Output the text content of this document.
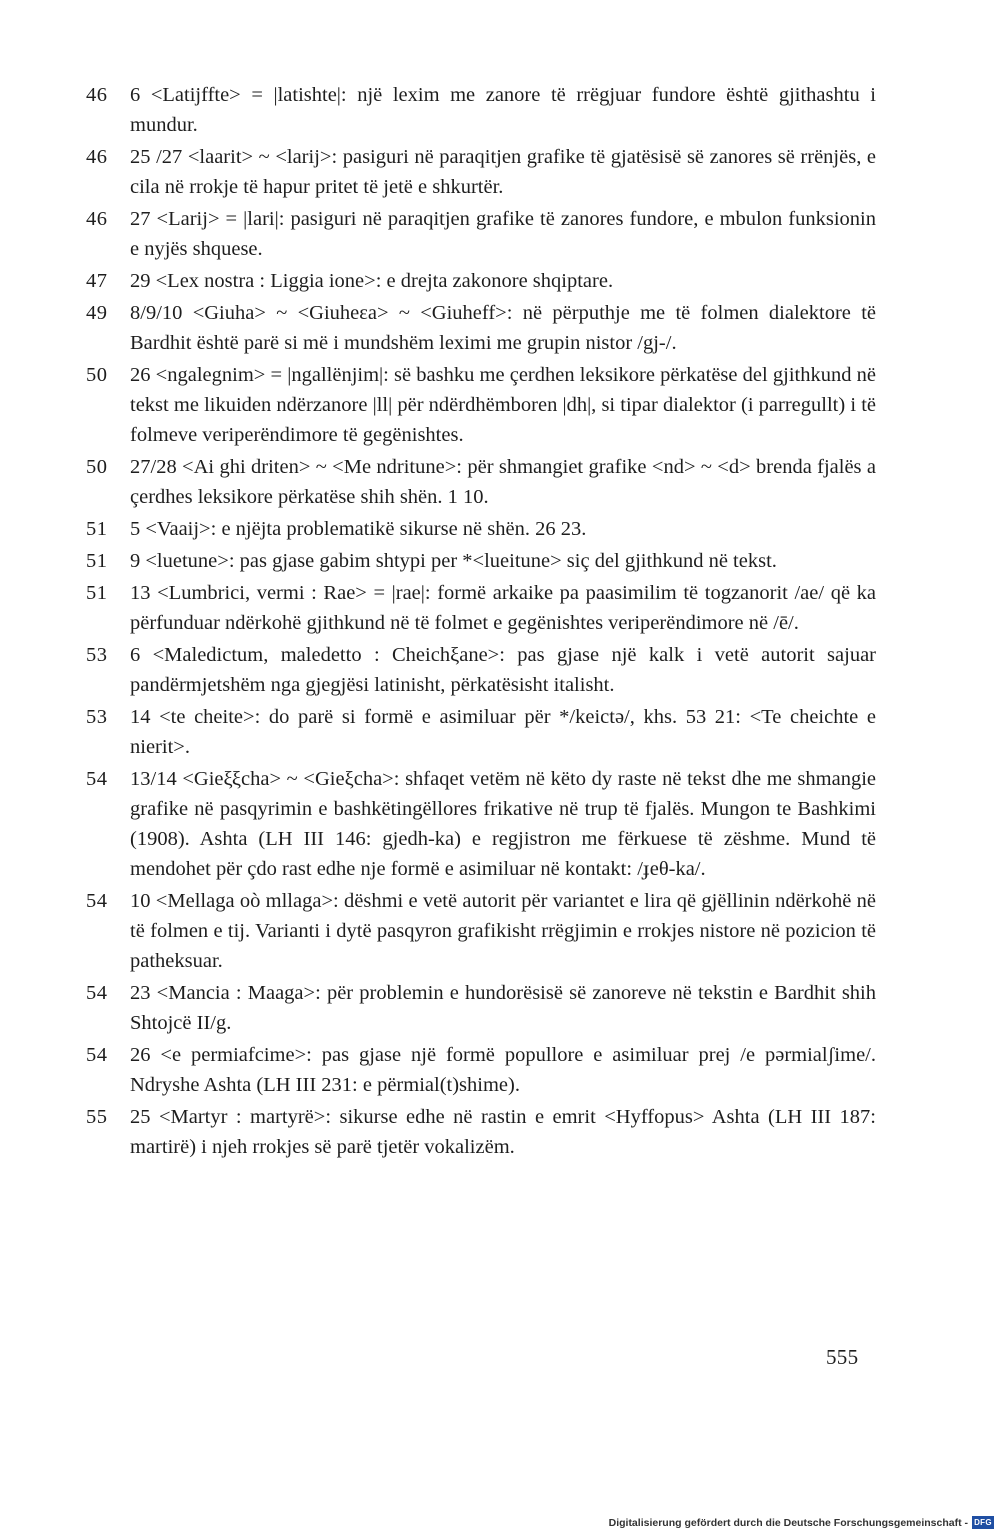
46	6 <Latijffte> = |latishte|: një lexim me zanore të rrëgjuar fundore është gjithashtu i mundur.
46	25 /27 <laarit> ~ <larij>: pasiguri në paraqitjen grafike të gjatësisë së zanores së rrënjës, e cila në rrokje të hapur pritet të jetë e shkurtër.
46	27 <Larij> = |lari|: pasiguri në paraqitjen grafike të zanores fundore, e mbulon funksionin e nyjës shquese.
47	29 <Lex nostra : Liggia ione>: e drejta zakonore shqiptare.
49	8/9/10 <Giuha> ~ <Giuheεa> ~ <Giuheff>: në përputhje me të folmen dialektore të Bardhit është parë si më i mundshëm leximi me grupin nistor /gj-/.
50	26 <ngalegnim> = |ngallënjim|: së bashku me çerdhen leksikore përkatëse del gjithkund në tekst me likuiden ndërzanore |ll| për ndërdhëmboren |dh|, si tipar dialektor (i parregullt) i të folmeve veriperëndimore të gegënishtes.
50	27/28 <Ai ghi driten> ~ <Me ndritune>: për shmangiet grafike <nd> ~ <d> brenda fjalës a çerdhes leksikore përkatëse shih shën. 1 10.
51	5 <Vaaij>: e njëjta problematikë sikurse në shën. 26 23.
51	9 <luetune>: pas gjase gabim shtypi per *<lueitune> siç del gjithkund në tekst.
51	13 <Lumbrici, vermi : Rae> = |rae|: formë arkaike pa paasimilim të togzanorit /ae/ që ka përfunduar ndërkohë gjithkund në të folmet e gegënishtes veriperëndimore në /ē/.
53	6 <Maledictum, maledetto : Cheichξane>: pas gjase një kalk i vetë autorit sajuar pandërmjetshëm nga gjegjësi latinisht, përkatësisht italisht.
53	14 <te cheite>: do parë si formë e asimiluar për */keictə/, khs. 53 21: <Te cheichte e nierit>.
54	13/14 <Gieξξcha> ~ <Gieξcha>: shfaqet vetëm në këto dy raste në tekst dhe me shmangie grafike në pasqyrimin e bashkëtingëllores frikative në trup të fjalës. Mungon te Bashkimi (1908). Ashta (LH III 146: gjedh-ka) e regjistron me fërkuese të zëshme. Mund të mendohet për çdo rast edhe nje formë e asimiluar në kontakt: /ɟeθ-ka/.
54	10 <Mellaga oò mllaga>: dëshmi e vetë autorit për variantet e lira që gjëllinin ndërkohë në të folmen e tij. Varianti i dytë pasqyron grafikisht rrëgjimin e rrokjes nistore në pozicion të patheksuar.
54	23 <Mancia : Maaga>: për problemin e hundorësisë së zanoreve në tekstin e Bardhit shih Shtojcë II/g.
54	26 <e permiafcime>: pas gjase një formë popullore e asimiluar prej /e pərmialʃime/. Ndryshe Ashta (LH III 231: e përmial(t)shime).
55	25 <Martyr : martyrë>: sikurse edhe në rastin e emrit <Hyffopus> Ashta (LH III 187: martirë) i njeh rrokjes së parë tjetër vokalizëm.
555
Digitalisierung gefördert durch die Deutsche Forschungsgemeinschaft - DFG
